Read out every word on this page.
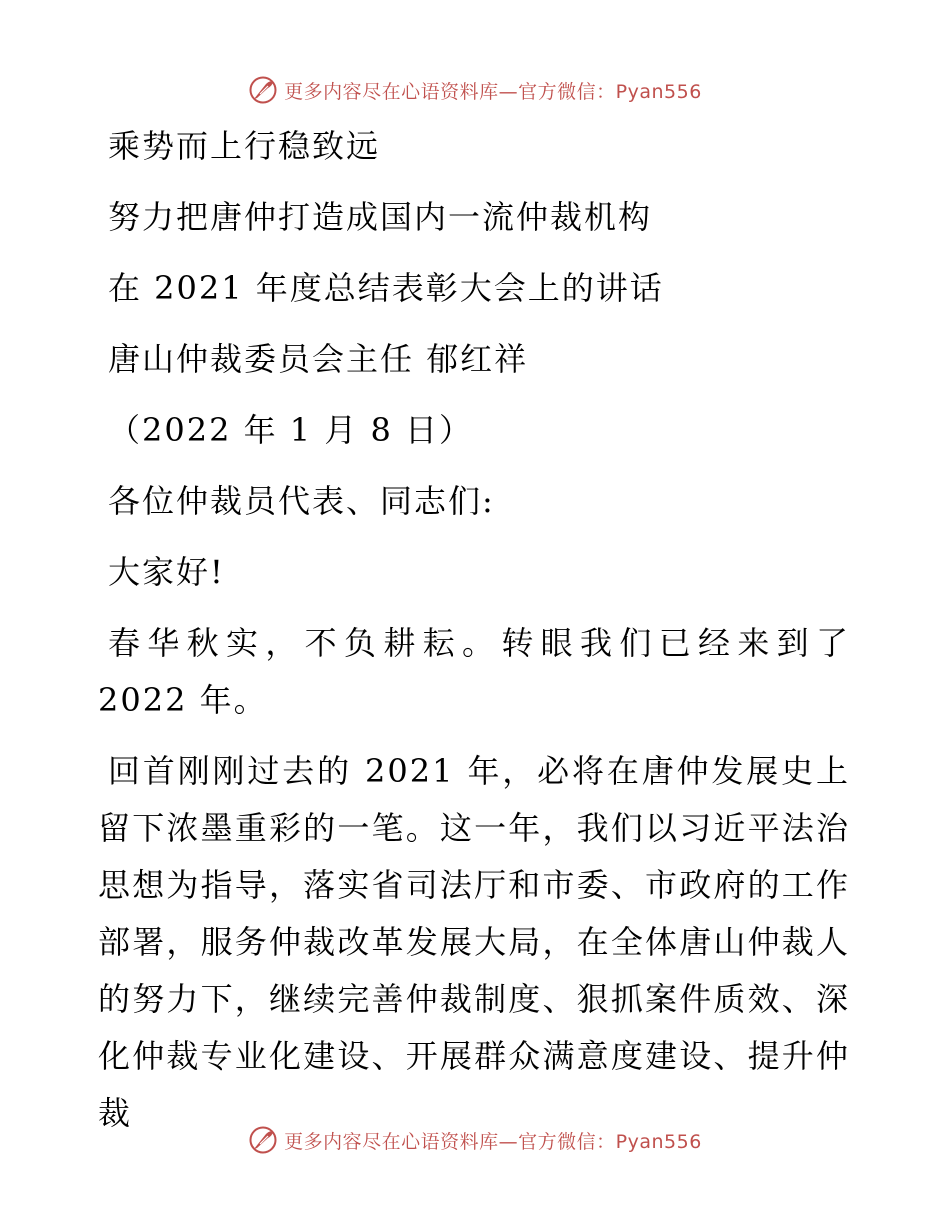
更多内容尽在心语资料库—官方微信：Pyan556

乘势而上行稳致远

努力把唐仲打造成国内一流仲裁机构

在 2021 年度总结表彰大会上的讲话

唐山仲裁委员会主任 郁红祥

（2022 年 1 月 8 日）

各位仲裁员代表、同志们:

大家好!

春华秋实，不负耕耘。转眼我们已经来到了 2022 年。

回首刚刚过去的 2021 年，必将在唐仲发展史上留下浓墨重彩的一笔。这一年，我们以习近平法治思想为指导，落实省司法厅和市委、市政府的工作部署，服务仲裁改革发展大局，在全体唐山仲裁人的努力下，继续完善仲裁制度、狠抓案件质效、深化仲裁专业化建设、开展群众满意度建设、提升仲裁

更多内容尽在心语资料库—官方微信：Pyan556
